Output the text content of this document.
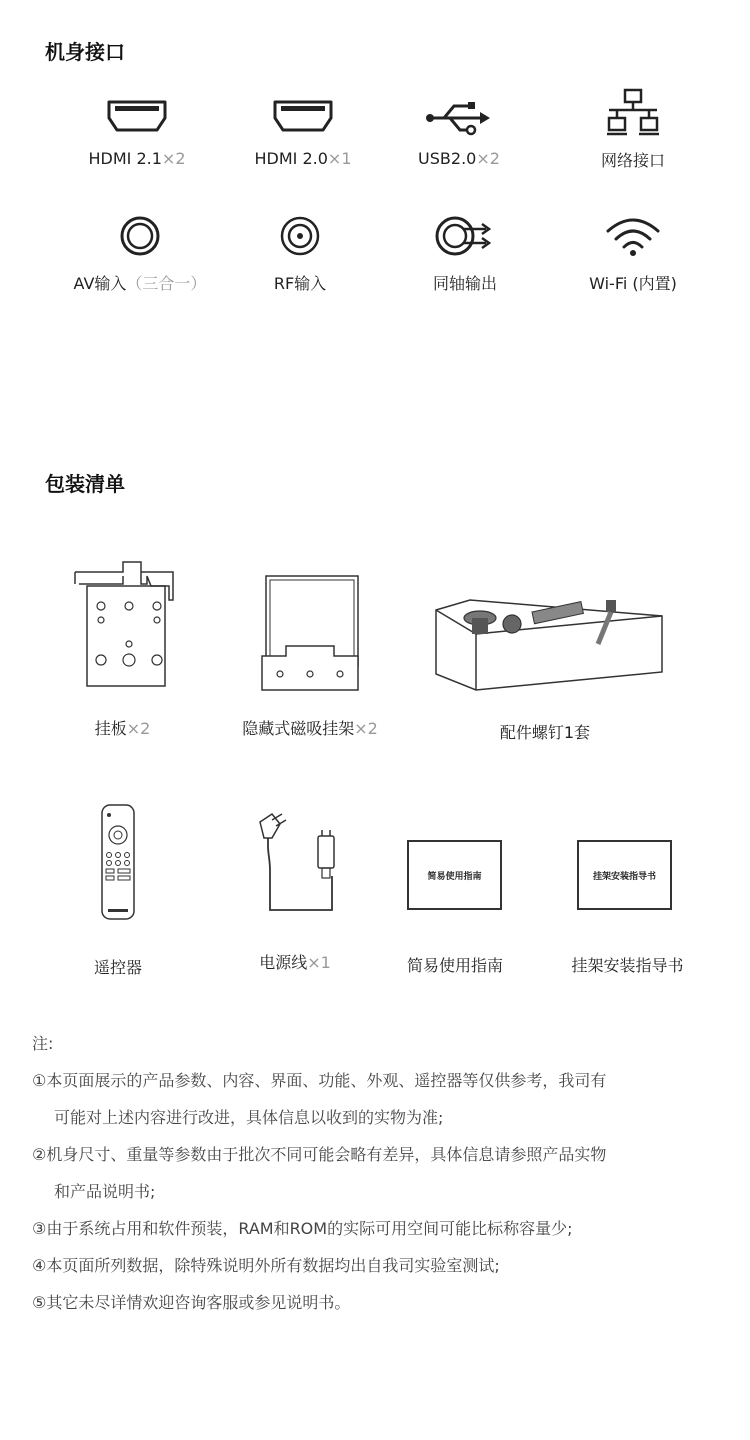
机身接口
HDMI 2.1×2	HDMI 2.0×1	USB2.0×2	网络接口
AV输入（三合一）	RF输入	同轴输出	Wi-Fi (内置)
包装清单
挂板×2	隐藏式磁吸挂架×2	配件螺钉1套
遥控器	电源线×1
简易使用指南
简易使用指南
挂架安装指导书
挂架安装指导书
注:
①本页面展示的产品参数、内容、界面、功能、外观、遥控器等仅供参考，我司有
可能对上述内容进行改进，具体信息以收到的实物为准;
②机身尺寸、重量等参数由于批次不同可能会略有差异，具体信息请参照产品实物
和产品说明书;
③由于系统占用和软件预装，RAM和ROM的实际可用空间可能比标称容量少;
④本页面所列数据，除特殊说明外所有数据均出自我司实验室测试;
⑤其它未尽详情欢迎咨询客服或参见说明书。
